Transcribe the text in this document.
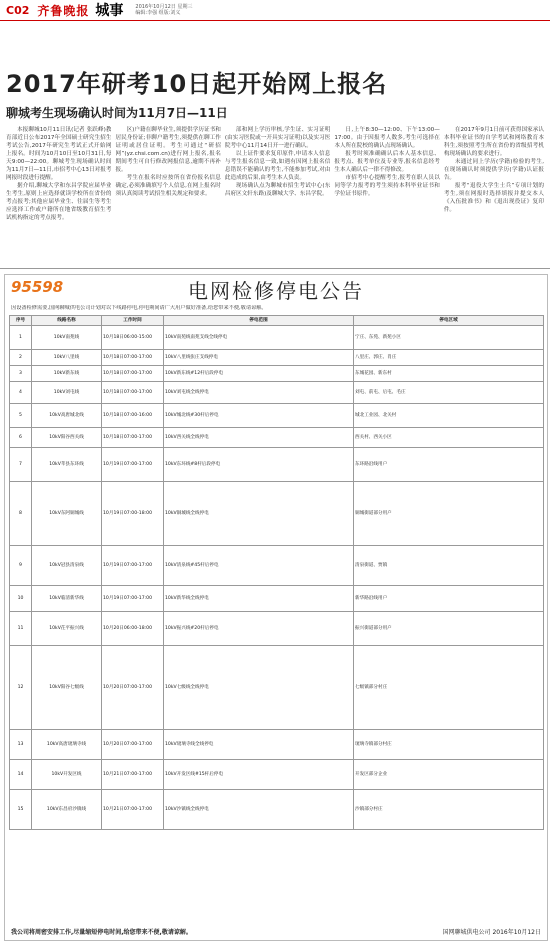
C02 齐鲁晚报 城事 2016年10月12日 星期三
编辑:李强 组版:刘义
2017年研考10日起开始网上报名
聊城考生现场确认时间为11月7日—11日

本报聊城10月11日讯(记者 张跃峰)教育部近日公布2017年全国硕士研究生招生考试公告,2017年研究生考试正式开始网上报名。时间为10月10日至10月31日,每天9:00—22:00。聊城考生现场确认时间为11月7日—11日,市招考中心13日对报考网报时段进行提醒。

据介绍,聊城大学和东昌学院应届毕业生考生,原则上应选择就读学校所在省份的考点报考;其他应届毕业生、往届生等考生应选择工作或户籍所在地省级教育招生考试机构指定的考点报考。

区)户籍在聊毕业生,须提供学历证书和居民身份证;非聊户籍考生,须提供在聊工作证明或居住证明。考生可通过“研招网”(yz.chsi.com.cn)进行网上报名,报名期间考生可自行修改网报信息,逾期不再补报。

考生在报名时应按所在省份报名信息确定,必须准确填写个人信息,在网上报名时须认真阅读考试招生相关规定和要求。

部和网上学历审核,学生证、实习证明(由实习医院或一开具实习证明)以及实习医院考中心11月14日开一进行确认。

以上证件要求复印原件,申请本人信息与考生报名信息一致,如遇有因网上报名信息错误不能确认的考生,不能参加考试,对由此造成的后果,由考生本人负责。

现场确认点为聊城市招生考试中心(东昌府区文轩东路)及聊城大学、东昌学院。

日,上午8:30—12:00、下午13:00—17:00。由于因报考人数多,考生可选择在本人所在院校的确认点现场确认。

报考时须准确确认后本人基本信息、报考点、报考单位及专业等,报名信息经考生本人确认后一律不得修改。

市招考中心提醒考生,报考在职人员以同等学力报考的考生须持本科毕业证书和学位证书原件。

在2017年9月1日前可获得国家承认本科毕业证书的自学考试和网络教育本科生,须按照考生所在省份的省级招考机构现场确认的要求进行。

未通过同上学历(学籍)检验的考生,在现场确认时须提供学历(学籍)认证报告。

报考“退役大学生士兵”专项计划的考生,须在网报时选择填报并提交本人《入伍批准书》和《退出现役证》复印件。

95598	电网检修停电公告
因设备检修需要,国网聊城供电公司计划对以下线路停电,停电期间请广大用户做好准备,给您带来不便,敬请谅解。
序号	线路名称	工作时间	停电范围	停电区域
1	10kV南苑线	10月18日06:00-15:00	10kV南苑线南苑支线全线停电	宁庄、东苑、新苑小区
2	10kV八里线	10月18日07:00-17:00	10kV八里线张庄支线停电	八里庄、郭庄、肖庄
3	10kV新东线	10月18日07:00-17:00	10kV新东线#12杆后段停电	东城花园、新东村
4	10kV刘屯线	10月18日07:00-17:00	10kV刘屯线全线停电	刘屯、前屯、后屯、毛庄
5	10kV高唐城北线	10月18日07:00-16:00	10kV城北线#30杆后停电	城北工业园、北关村
6	10kV阳谷西关线	10月18日07:00-17:00	10kV西关线全线停电	西关村、西关小区
7	10kV莘县东环线	10月19日07:00-17:00	10kV东环线#8杆后段停电	东环路沿线用户
8	10kV东阿铜城线	10月19日07:00-18:00	10kV铜城线全线停电	铜城街道部分用户
9	10kV冠县清泉线	10月19日07:00-17:00	10kV清泉线#45杆后停电	清泉街道、贾镇
10	10kV临清新华线	10月19日07:00-17:00	10kV新华线全线停电	新华路沿线用户
11	10kV茌平振兴线	10月20日06:00-18:00	10kV振兴线#20杆后停电	振兴街道部分用户
12	10kV阳谷七级线	10月20日07:00-17:00	10kV七级线全线停电	七级镇部分村庄
13	10kV高唐琉璃寺线	10月20日07:00-17:00	10kV琉璃寺线全线停电	琉璃寺镇部分村庄
14	10kV开发区线	10月21日07:00-17:00	10kV开发区线#15杆后停电	开发区部分企业
15	10kV东昌府沙镇线	10月21日07:00-17:00	10kV沙镇线全线停电	沙镇部分村庄
我公司将周密安排工作,尽量缩短停电时间,给您带来不便,敬请谅解。	国网聊城供电公司 2016年10月12日
